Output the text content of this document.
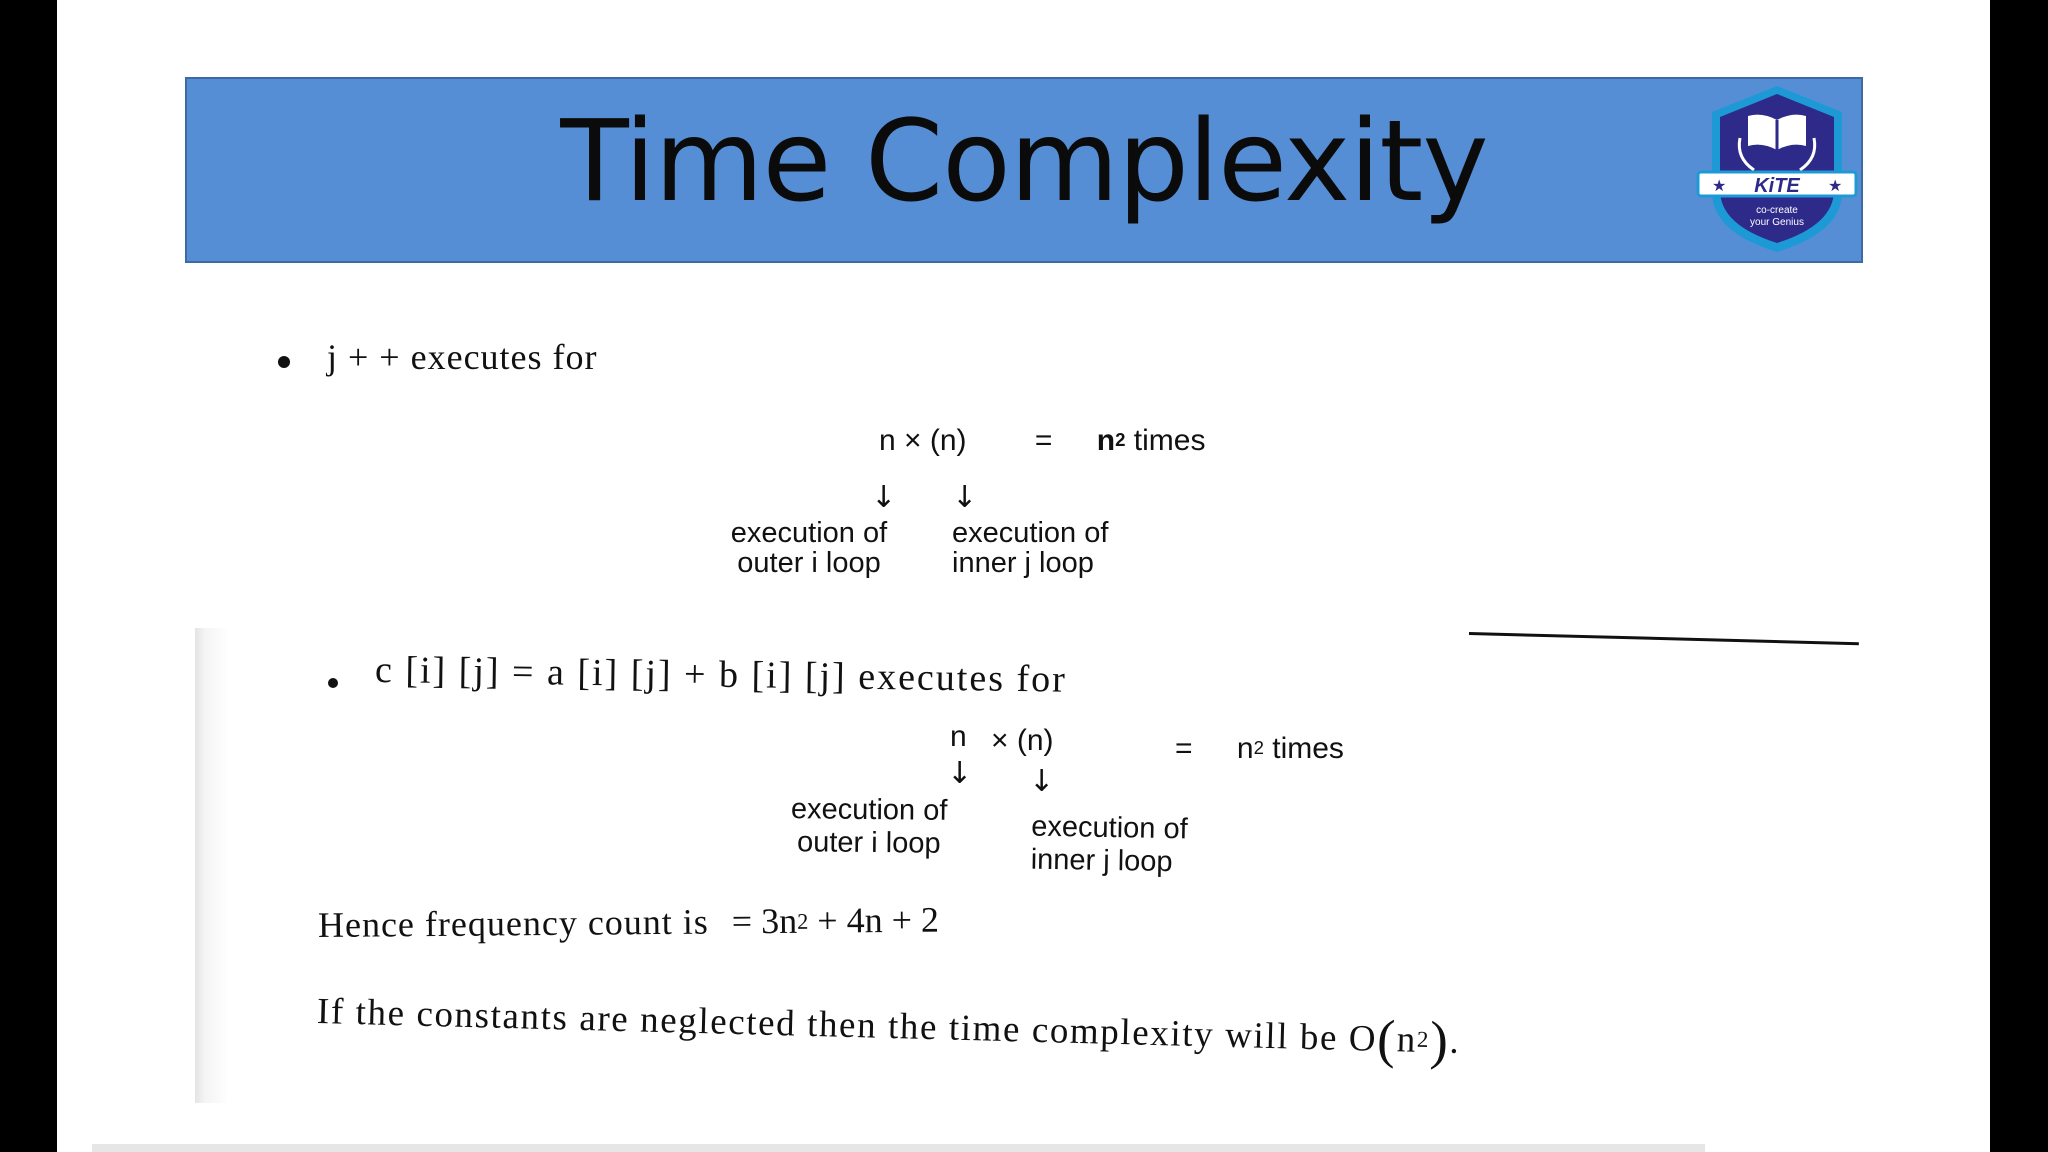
Time Complexity	★	★
KiTE
co-create
your Genius
j + + executes for
$n \times (n) = n^2$ times
↓ ↓
execution of
outer i loop
execution of
inner j loop
c [i] [j] = a [i] [j] + b [i] [j] executes for
n × (n)	= $n^2$ times
↓ ↓
execution of
outer i loop	execution of
inner j loop
Hence frequency count is = $3n^2 + 4n + 2$
If the constants are neglected then the time complexity will be $O(n^2)$.
